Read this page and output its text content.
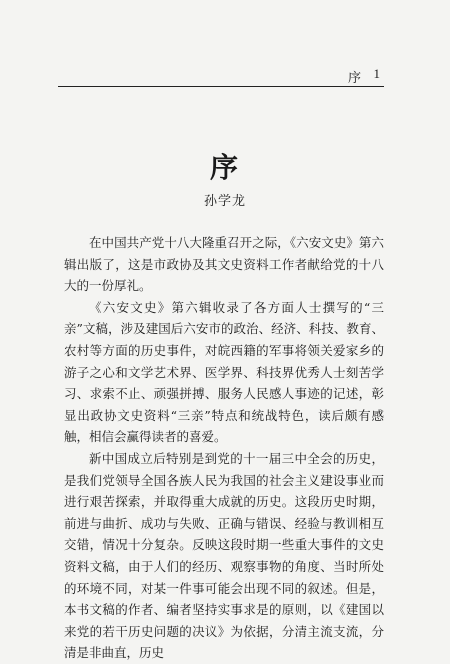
序 1
序
孙学龙

在中国共产党十八大隆重召开之际，《六安文史》第六辑出版了，这是市政协及其文史资料工作者献给党的十八大的一份厚礼。

《六安文史》第六辑收录了各方面人士撰写的“三亲”文稿，涉及建国后六安市的政治、经济、科技、教育、农村等方面的历史事件，对皖西籍的军事将领关爱家乡的游子之心和文学艺术界、医学界、科技界优秀人士刻苦学习、求索不止、顽强拼搏、服务人民感人事迹的记述，彰显出政协文史资料“三亲”特点和统战特色，读后颇有感触，相信会赢得读者的喜爱。

新中国成立后特别是到党的十一届三中全会的历史，是我们党领导全国各族人民为我国的社会主义建设事业而进行艰苦探索，并取得重大成就的历史。这段历史时期，前进与曲折、成功与失败、正确与错误、经验与教训相互交错，情况十分复杂。反映这段时期一些重大事件的文史资料文稿，由于人们的经历、观察事物的角度、当时所处的环境不同，对某一件事可能会出现不同的叙述。但是，本书文稿的作者、编者坚持实事求是的原则，以《建国以来党的若干历史问题的决议》为依据，分清主流支流，分清是非曲直，历史
